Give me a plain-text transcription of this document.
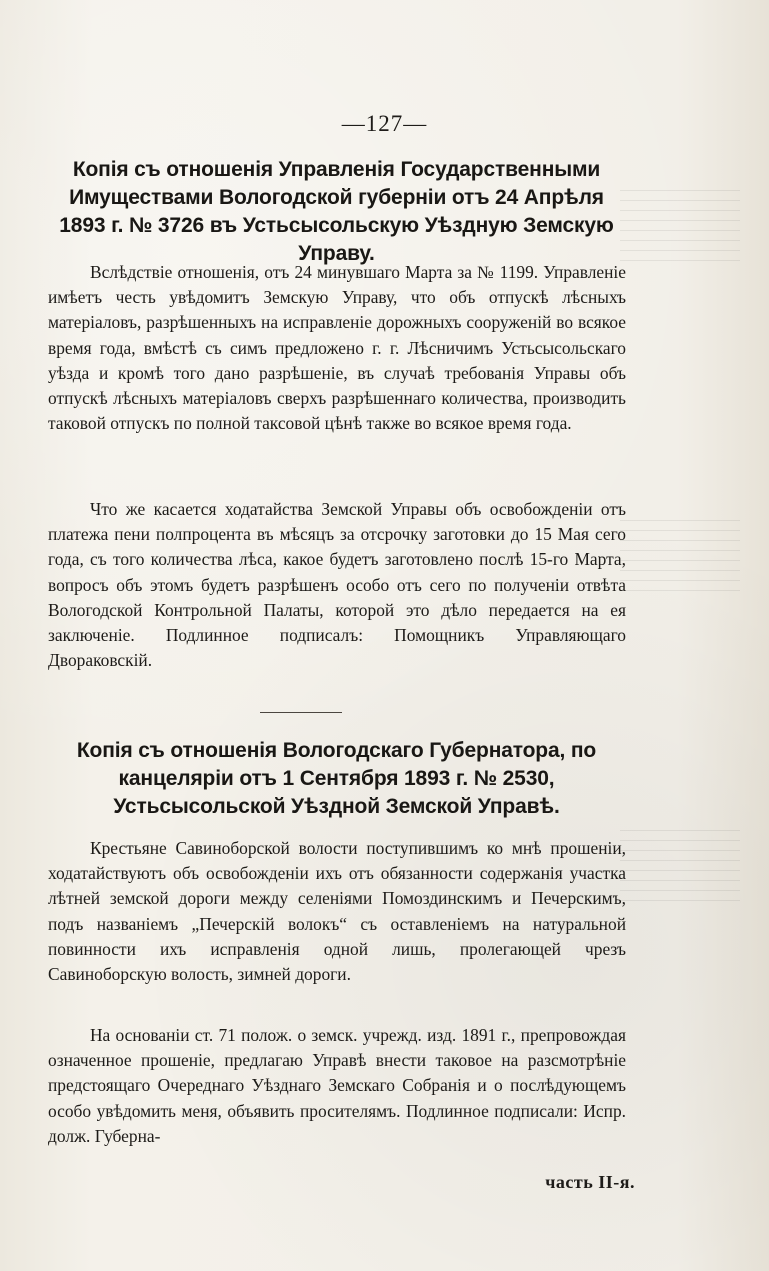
—127—
Копія съ отношенія Управленія Государственными Имуществами Вологодской губерніи отъ 24 Апрѣля 1893 г. № 3726 въ Устьсысольскую Уѣздную Земскую Управу.
Вслѣдствіе отношенія, отъ 24 минувшаго Марта за № 1199. Управленіе имѣетъ честь увѣдомитъ Земскую Управу, что объ отпускѣ лѣсныхъ матеріаловъ, разрѣшенныхъ на исправленіе дорожныхъ сооруженій во всякое время года, вмѣстѣ съ симъ предложено г. г. Лѣсничимъ Устьсысольскаго уѣзда и кромѣ того дано разрѣшеніе, въ случаѣ требованія Управы объ отпускѣ лѣсныхъ матеріаловъ сверхъ разрѣшеннаго количества, производить таковой отпускъ по полной таксовой цѣнѣ также во всякое время года.
Что же касается ходатайства Земской Управы объ освобожденіи отъ платежа пени полпроцента въ мѣсяцъ за отсрочку заготовки до 15 Мая сего года, съ того количества лѣса, какое будетъ заготовлено послѣ 15-го Марта, вопросъ объ этомъ будетъ разрѣшенъ особо отъ сего по полученіи отвѣта Вологодской Контрольной Палаты, которой это дѣло передается на ея заключеніе. Подлинное подписалъ: Помощникъ Управляющаго Дворaковскій.
Копія съ отношенія Вологодскаго Губернатора, по канцеляріи отъ 1 Сентября 1893 г. № 2530, Устьсысольской Уѣздной Земской Управѣ.
Крестьяне Савиноборской волости поступившимъ ко мнѣ прошеніи, ходатайствуютъ объ освобожденіи ихъ отъ обязанности содержанія участка лѣтней земской дороги между селеніями Помоздинскимъ и Печерскимъ, подъ названіемъ „Печерскій волокъ“ съ оставленіемъ на натуральной повинности ихъ исправленія одной лишь, пролегающей чрезъ Савиноборскую волость, зимней дороги.
На основаніи ст. 71 полож. о земск. учрежд. изд. 1891 г., препровождая означенное прошеніе, предлагаю Управѣ внести таковое на разсмотрѣніе предстоящаго Очереднаго Уѣзднаго Земскаго Собранія и о послѣдующемъ особо увѣдомить меня, объявить просителямъ. Подлинное подписали: Испр. долж. Губерна-
часть II-я.
